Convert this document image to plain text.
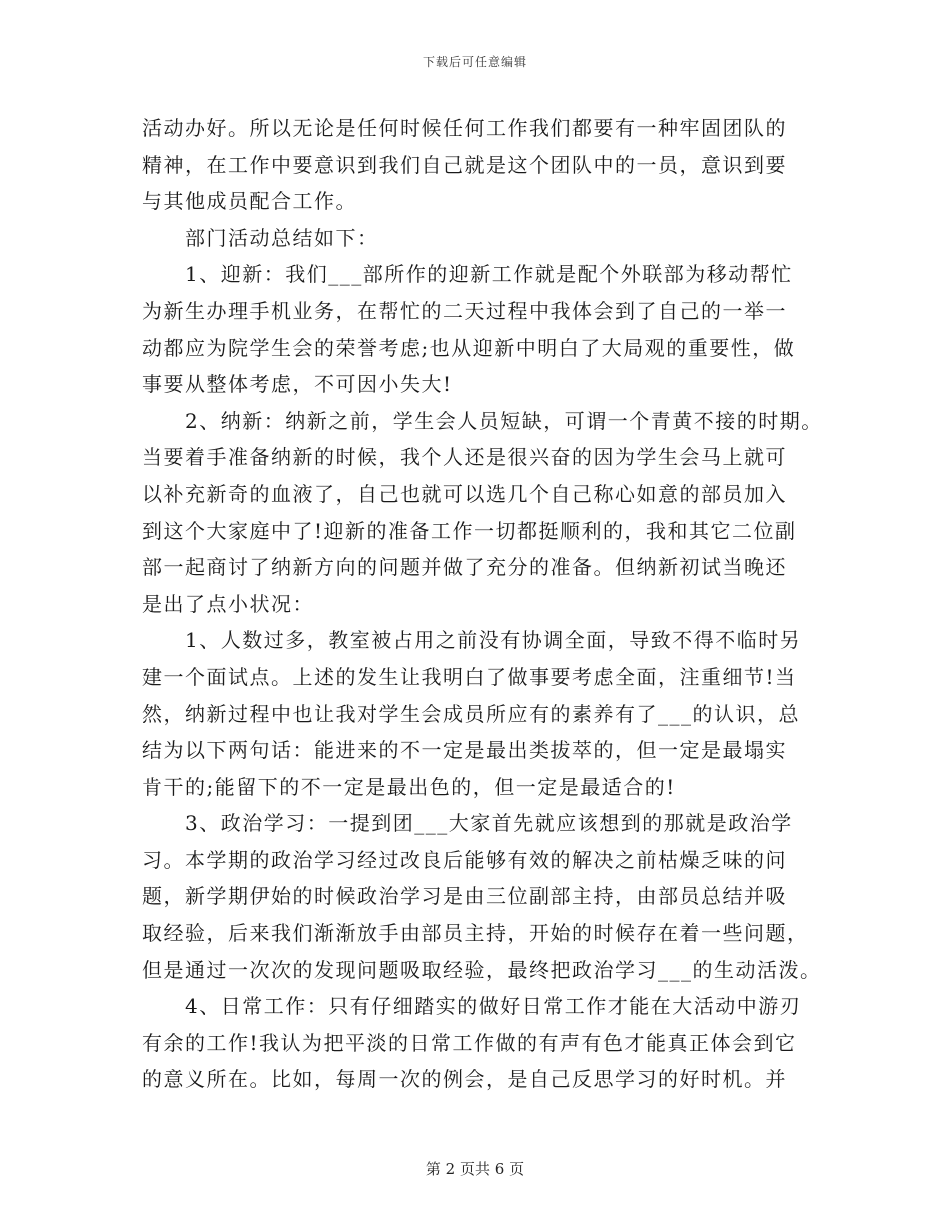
下载后可任意编辑
活动办好。所以无论是任何时候任何工作我们都要有一种牢固团队的
精神，在工作中要意识到我们自己就是这个团队中的一员，意识到要
与其他成员配合工作。
部门活动总结如下：
1、迎新：我们___部所作的迎新工作就是配个外联部为移动帮忙
为新生办理手机业务，在帮忙的二天过程中我体会到了自己的一举一
动都应为院学生会的荣誉考虑;也从迎新中明白了大局观的重要性，做
事要从整体考虑，不可因小失大!
2、纳新：纳新之前，学生会人员短缺，可谓一个青黄不接的时期。
当要着手准备纳新的时候，我个人还是很兴奋的因为学生会马上就可
以补充新奇的血液了，自己也就可以选几个自己称心如意的部员加入
到这个大家庭中了!迎新的准备工作一切都挺顺利的，我和其它二位副
部一起商讨了纳新方向的问题并做了充分的准备。但纳新初试当晚还
是出了点小状况：
1、人数过多，教室被占用之前没有协调全面，导致不得不临时另
建一个面试点。上述的发生让我明白了做事要考虑全面，注重细节!当
然，纳新过程中也让我对学生会成员所应有的素养有了___的认识，总
结为以下两句话：能进来的不一定是最出类拔萃的，但一定是最塌实
肯干的;能留下的不一定是最出色的，但一定是最适合的!
3、政治学习：一提到团___大家首先就应该想到的那就是政治学
习。本学期的政治学习经过改良后能够有效的解决之前枯燥乏味的问
题，新学期伊始的时候政治学习是由三位副部主持，由部员总结并吸
取经验，后来我们渐渐放手由部员主持，开始的时候存在着一些问题，
但是通过一次次的发现问题吸取经验，最终把政治学习___的生动活泼。
4、日常工作：只有仔细踏实的做好日常工作才能在大活动中游刃
有余的工作!我认为把平淡的日常工作做的有声有色才能真正体会到它
的意义所在。比如，每周一次的例会，是自己反思学习的好时机。并
第 2 页共 6 页
